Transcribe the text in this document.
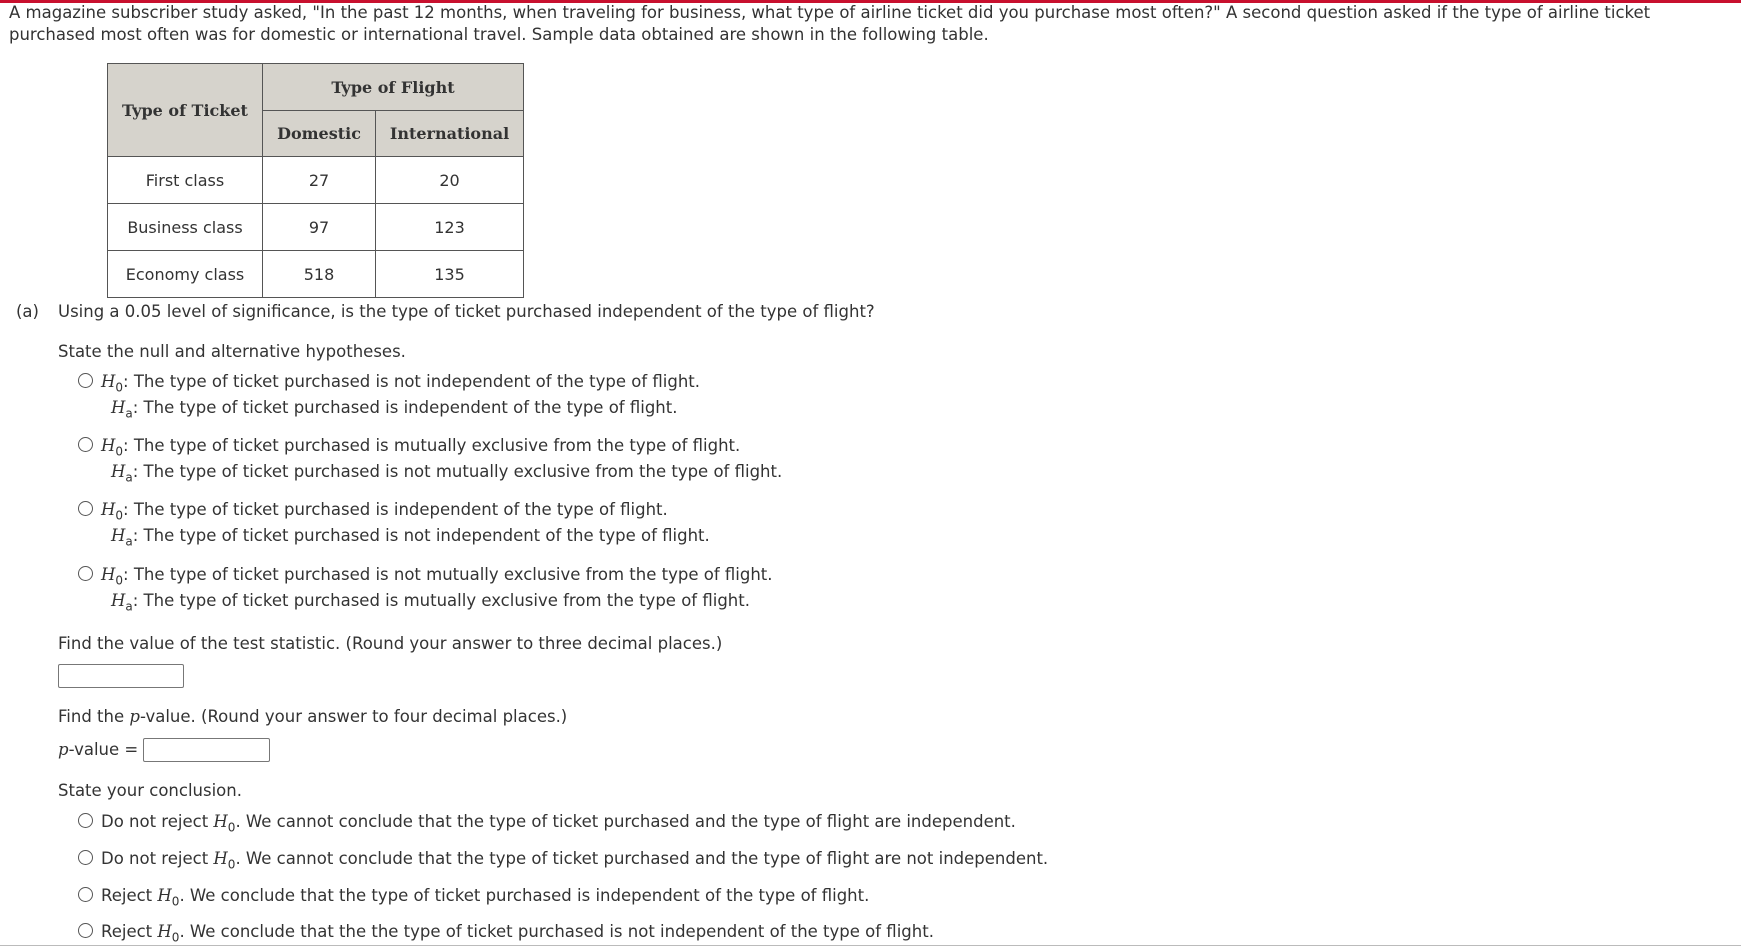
A magazine subscriber study asked, "In the past 12 months, when traveling for business, what type of airline ticket did you purchase most often?" A second question asked if the type of airline ticket purchased most often was for domestic or international travel. Sample data obtained are shown in the following table.
Type of Ticket	Type of Flight	
	Domestic	International
First class	27	20
Business class	97	123
Economy class	518	135
(a) Using a 0.05 level of significance, is the type of ticket purchased independent of the type of flight?
State the null and alternative hypotheses.
$H_0$: The type of ticket purchased is not independent of the type of flight.
$H_a$: The type of ticket purchased is independent of the type of flight.
$H_0$: The type of ticket purchased is mutually exclusive from the type of flight.
$H_a$: The type of ticket purchased is not mutually exclusive from the type of flight.
$H_0$: The type of ticket purchased is independent of the type of flight.
$H_a$: The type of ticket purchased is not independent of the type of flight.
$H_0$: The type of ticket purchased is not mutually exclusive from the type of flight.
$H_a$: The type of ticket purchased is mutually exclusive from the type of flight.
Find the value of the test statistic. (Round your answer to three decimal places.)
Find the p-value. (Round your answer to four decimal places.)
p-value =
State your conclusion.
Do not reject $H_0$. We cannot conclude that the type of ticket purchased and the type of flight are independent.
Do not reject $H_0$. We cannot conclude that the type of ticket purchased and the type of flight are not independent.
Reject $H_0$. We conclude that the type of ticket purchased is independent of the type of flight.
Reject $H_0$. We conclude that the the type of ticket purchased is not independent of the type of flight.
